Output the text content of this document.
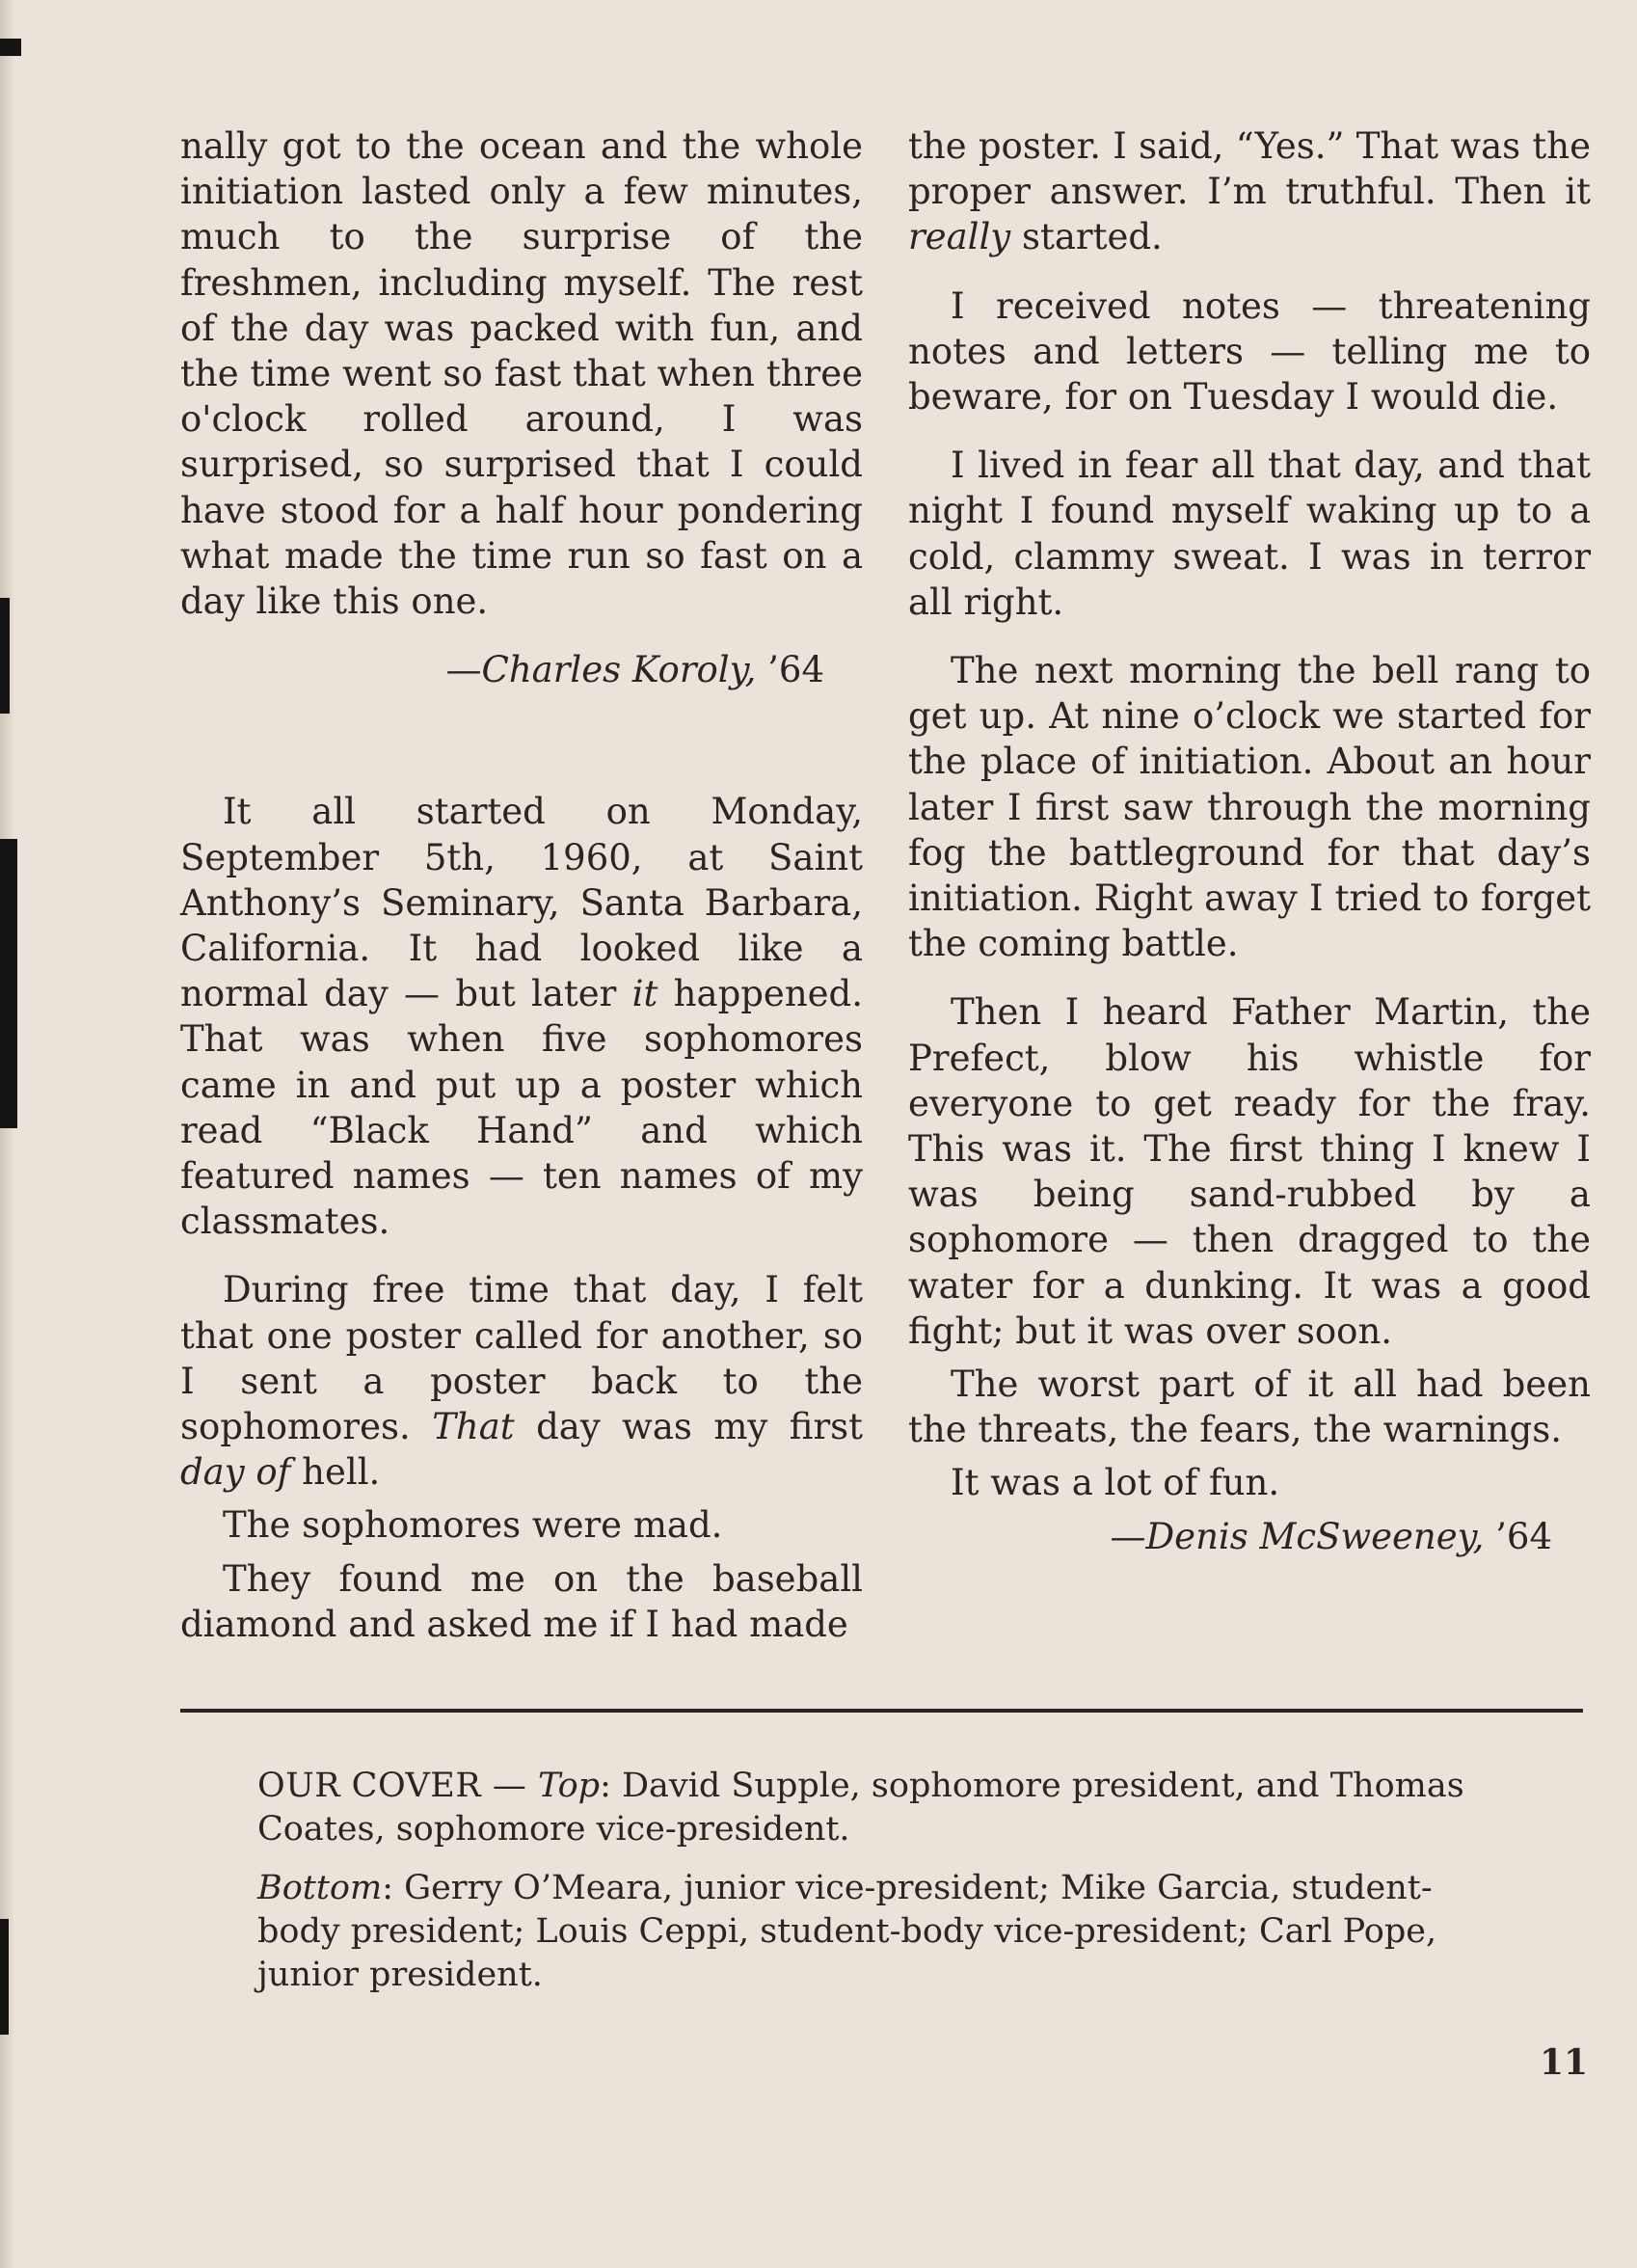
nally got to the ocean and the whole initiation lasted only a few minutes, much to the surprise of the freshmen, including myself. The rest of the day was packed with fun, and the time went so fast that when three o'clock rolled around, I was surprised, so surprised that I could have stood for a half hour pondering what made the time run so fast on a day like this one.

—Charles Koroly, ’64

It all started on Monday, September 5th, 1960, at Saint Anthony’s Seminary, Santa Barbara, California. It had looked like a normal day — but later it happened. That was when five sophomores came in and put up a poster which read “Black Hand” and which featured names — ten names of my classmates.

During free time that day, I felt that one poster called for another, so I sent a poster back to the sophomores. That day was my first day of hell.

The sophomores were mad.

They found me on the baseball diamond and asked me if I had made

the poster. I said, “Yes.” That was the proper answer. I’m truthful. Then it really started.

I received notes — threatening notes and letters — telling me to beware, for on Tuesday I would die.

I lived in fear all that day, and that night I found myself waking up to a cold, clammy sweat. I was in terror all right.

The next morning the bell rang to get up. At nine o’clock we started for the place of initiation. About an hour later I first saw through the morning fog the battleground for that day’s initiation. Right away I tried to forget the coming battle.

Then I heard Father Martin, the Prefect, blow his whistle for everyone to get ready for the fray. This was it. The first thing I knew I was being sand-rubbed by a sophomore — then dragged to the water for a dunking. It was a good fight; but it was over soon.

The worst part of it all had been the threats, the fears, the warnings.

It was a lot of fun.

—Denis McSweeney, ’64

OUR COVER — Top: David Supple, sophomore president, and Thomas Coates, sophomore vice-president.

Bottom: Gerry O’Meara, junior vice-president; Mike Garcia, student-body president; Louis Ceppi, student-body vice-president; Carl Pope, junior president.

11
